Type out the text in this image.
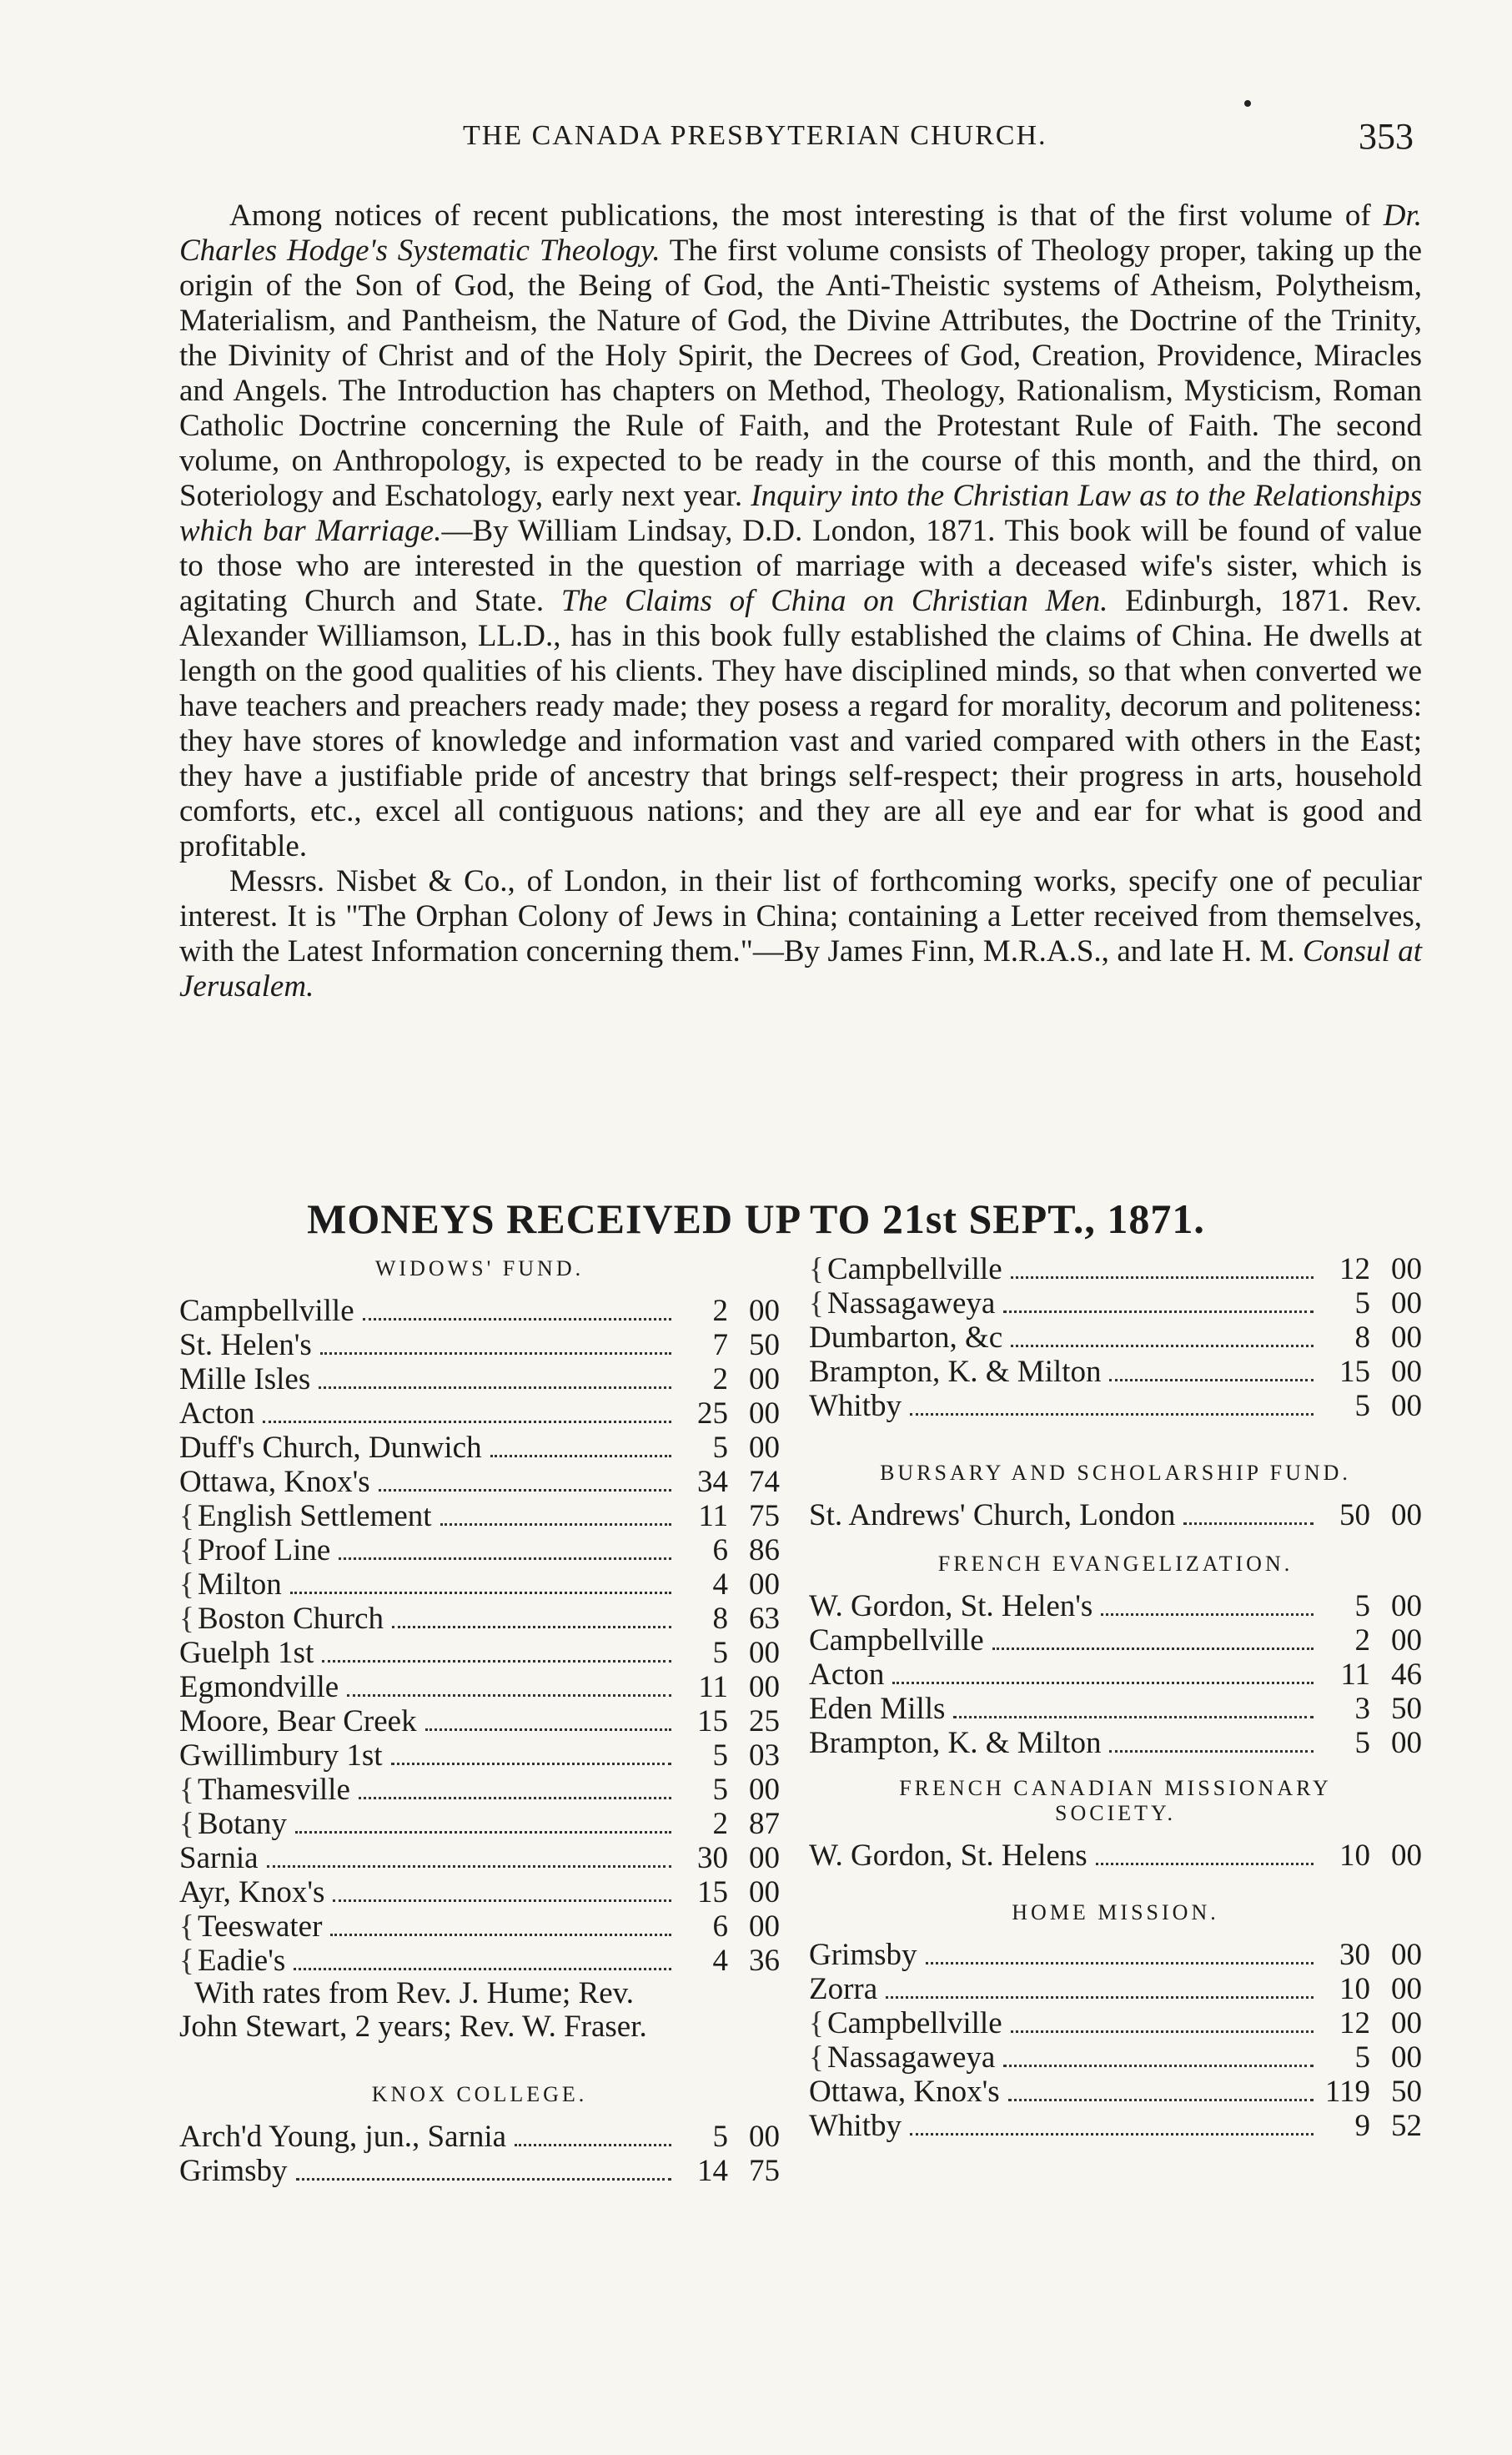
THE CANADA PRESBYTERIAN CHURCH.	353

Among notices of recent publications, the most interesting is that of the first volume of Dr. Charles Hodge's Systematic Theology. The first volume consists of Theology proper, taking up the origin of the Son of God, the Being of God, the Anti-Theistic systems of Atheism, Polytheism, Materialism, and Pantheism, the Nature of God, the Divine Attributes, the Doctrine of the Trinity, the Divinity of Christ and of the Holy Spirit, the Decrees of God, Creation, Providence, Miracles and Angels. The Introduction has chapters on Method, Theology, Rationalism, Mysticism, Roman Catholic Doctrine concerning the Rule of Faith, and the Protestant Rule of Faith. The second volume, on Anthropology, is expected to be ready in the course of this month, and the third, on Soteriology and Eschatology, early next year. Inquiry into the Christian Law as to the Relationships which bar Marriage.—By William Lindsay, D.D. London, 1871. This book will be found of value to those who are interested in the question of marriage with a deceased wife's sister, which is agitating Church and State. The Claims of China on Christian Men. Edinburgh, 1871. Rev. Alexander Williamson, LL.D., has in this book fully established the claims of China. He dwells at length on the good qualities of his clients. They have disciplined minds, so that when converted we have teachers and preachers ready made; they posess a regard for morality, decorum and politeness: they have stores of knowledge and information vast and varied compared with others in the East; they have a justifiable pride of ancestry that brings self-respect; their progress in arts, household comforts, etc., excel all contiguous nations; and they are all eye and ear for what is good and profitable.

Messrs. Nisbet & Co., of London, in their list of forthcoming works, specify one of peculiar interest. It is "The Orphan Colony of Jews in China; containing a Letter received from themselves, with the Latest Information concerning them."—By James Finn, M.R.A.S., and late H. M. Consul at Jerusalem.

MONEYS RECEIVED UP TO 21st SEPT., 1871.
WIDOWS' FUND.
Campbellville	2 00
St. Helen's	7 50
Mille Isles	2 00
Acton	25 00
Duff's Church, Dunwich	5 00
Ottawa, Knox's	34 74
{ English Settlement	11 75
{ Proof Line	6 86
{ Milton	4 00
{ Boston Church	8 63
Guelph 1st	5 00
Egmondville	11 00
Moore, Bear Creek	15 25
Gwillimbury 1st	5 03
{ Thamesville	5 00
{ Botany	2 87
Sarnia	30 00
Ayr, Knox's	15 00
{ Teeswater	6 00
{ Eadie's	4 36

With rates from Rev. J. Hume; Rev.

John Stewart, 2 years; Rev. W. Fraser.

KNOX COLLEGE.
Arch'd Young, jun., Sarnia	5 00
Grimsby	14 75
{ Campbellville	12 00
{ Nassagaweya	5 00
Dumbarton, &c	8 00
Brampton, K. & Milton	15 00
Whitby	5 00
BURSARY AND SCHOLARSHIP FUND.
St. Andrews' Church, London	50 00
FRENCH EVANGELIZATION.
W. Gordon, St. Helen's	5 00
Campbellville	2 00
Acton	11 46
Eden Mills	3 50
Brampton, K. & Milton	5 00
FRENCH CANADIAN MISSIONARY
SOCIETY.
W. Gordon, St. Helens	10 00
HOME MISSION.
Grimsby	30 00
Zorra	10 00
{ Campbellville	12 00
{ Nassagaweya	5 00
Ottawa, Knox's	119 50
Whitby	9 52
